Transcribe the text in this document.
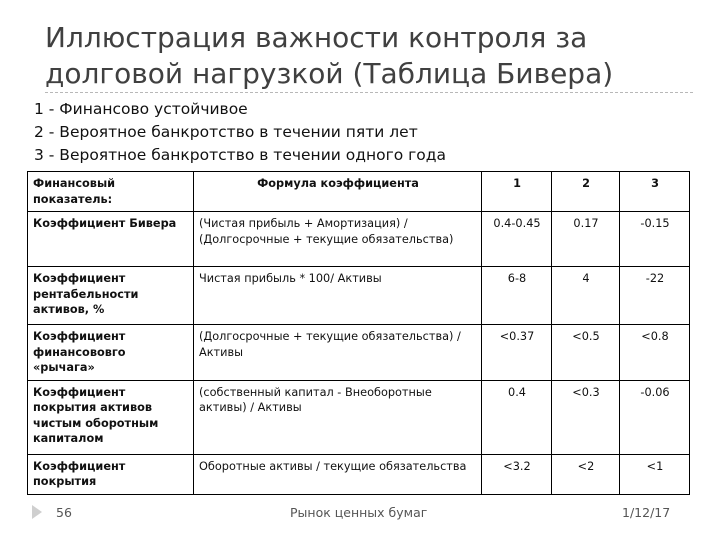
Иллюстрация важности контроля за долговой нагрузкой (Таблица Бивера)
1 - Финансово устойчивое
2 - Вероятное банкротство в течении пяти лет
3 - Вероятное банкротство в течении одного года
Финансовый показатель:	Формула коэффициента	1	2	3
Коэффициент Бивера	(Чистая прибыль + Амортизация) / (Долгосрочные + текущие обязательства)	0.4-0.45	0.17	-0.15
Коэффициент рентабельности активов, %	Чистая прибыль * 100/ Активы	6-8	4	-22
Коэффициент финансововго «рычага»	(Долгосрочные + текущие обязательства) / Активы	<0.37	<0.5	<0.8
Коэффициент покрытия активов чистым оборотным капиталом	(собственный капитал - Внеоборотные активы) / Активы	0.4	<0.3	-0.06
Коэффициент покрытия	Оборотные активы / текущие обязательства	<3.2	<2	<1
56	Рынок ценных бумаг	1/12/17
